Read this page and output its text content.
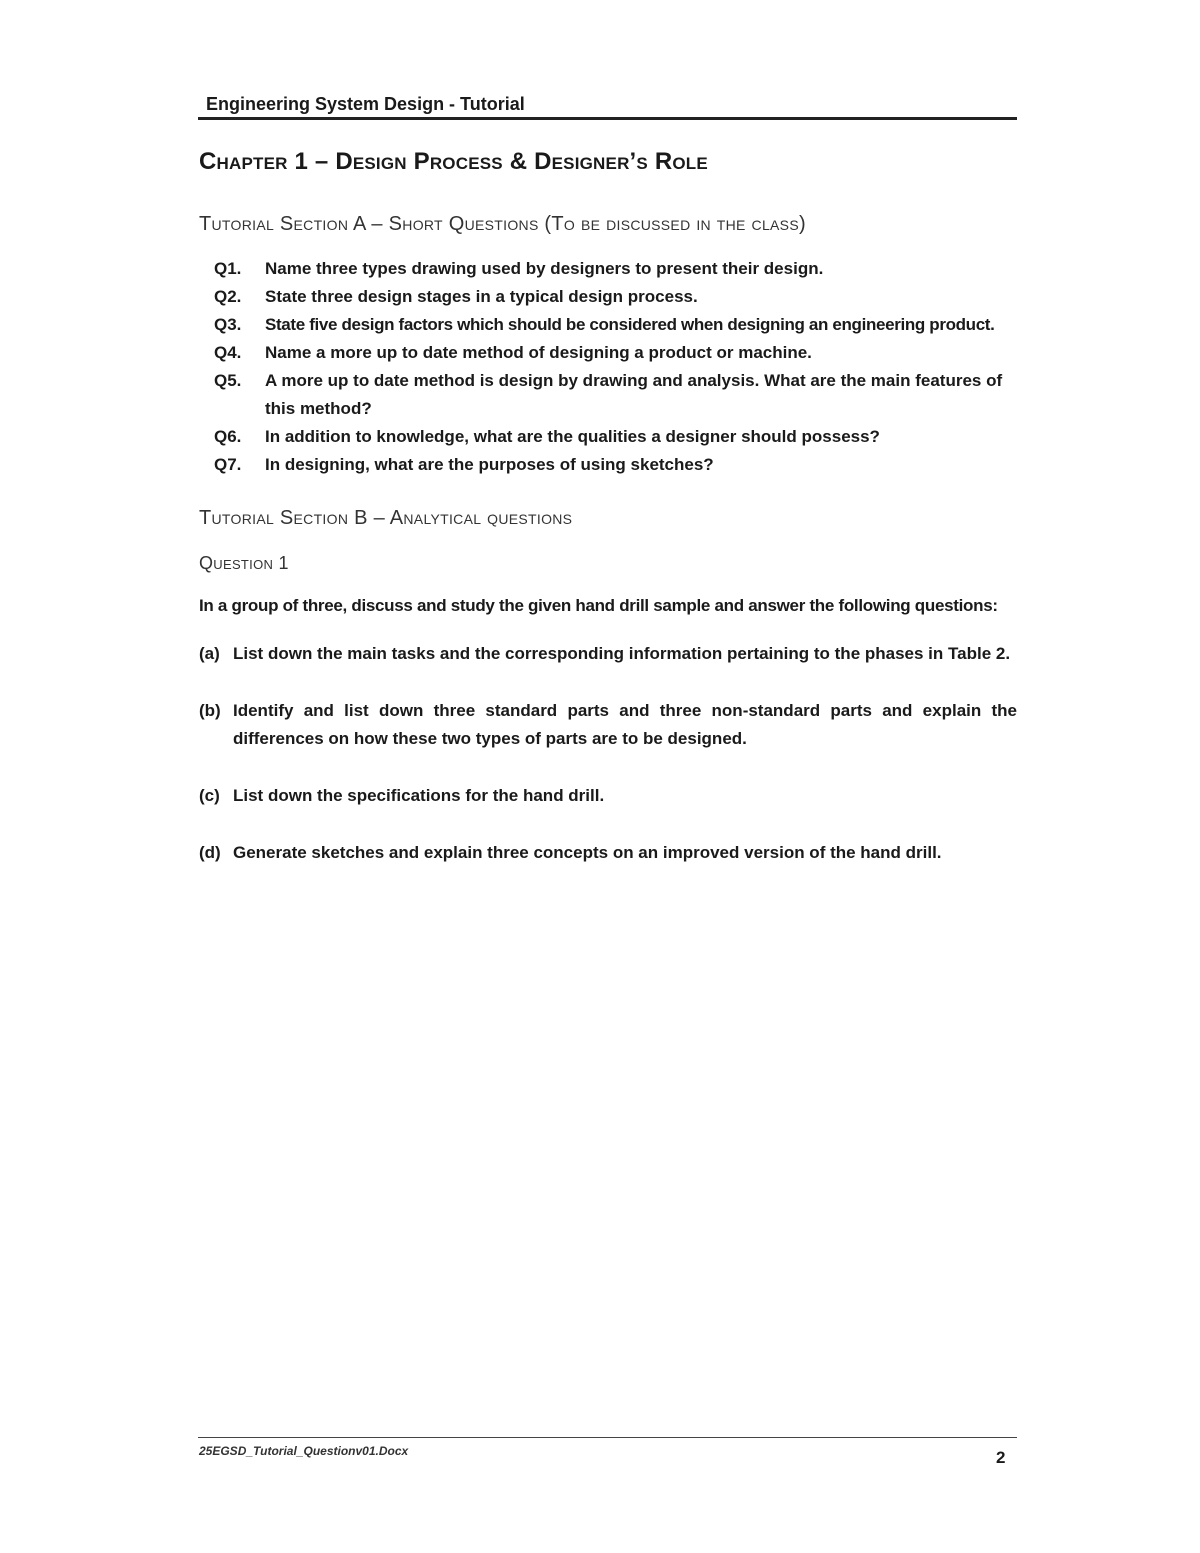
Engineering System Design - Tutorial
Chapter 1 – Design Process & Designer’s Role
Tutorial Section A – Short Questions (To be discussed in the class)
Q1.	Name three types drawing used by designers to present their design.
Q2.	State three design stages in a typical design process.
Q3.	State five design factors which should be considered when designing an engineering product.
Q4.	Name a more up to date method of designing a product or machine.
Q5.	A more up to date method is design by drawing and analysis. What are the main features of this method?
Q6.	In addition to knowledge, what are the qualities a designer should possess?
Q7.	In designing, what are the purposes of using sketches?
Tutorial Section B – Analytical questions
Question 1
In a group of three, discuss and study the given hand drill sample and answer the following questions:
(a) List down the main tasks and the corresponding information pertaining to the phases in Table 2.
(b) Identify and list down three standard parts and three non-standard parts and explain the differences on how these two types of parts are to be designed.
(c) List down the specifications for the hand drill.
(d) Generate sketches and explain three concepts on an improved version of the hand drill.
25EGSD_Tutorial_Questionv01.Docx	2
